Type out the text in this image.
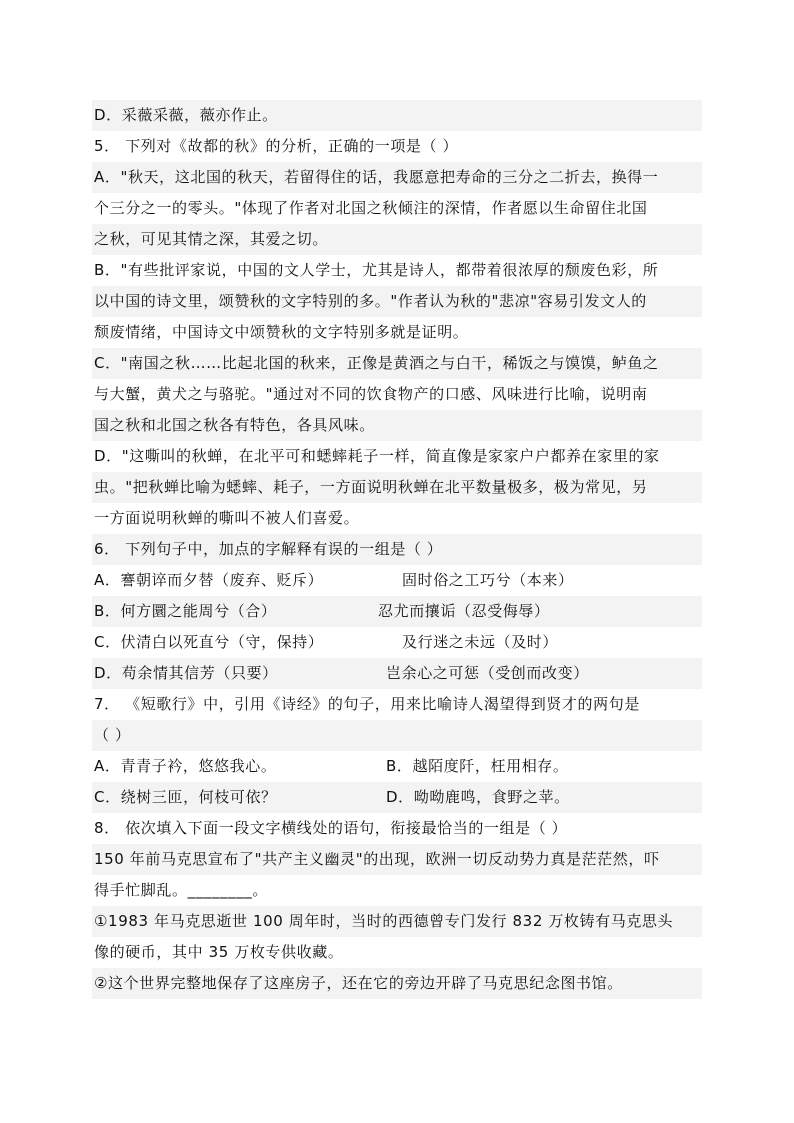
D．采薇采薇，薇亦作止。
5． 下列对《故都的秋》的分析，正确的一项是（ ）
A．"秋天，这北国的秋天，若留得住的话，我愿意把寿命的三分之二折去，换得一
个三分之一的零头。"体现了作者对北国之秋倾注的深情，作者愿以生命留住北国
之秋，可见其情之深，其爱之切。
B．"有些批评家说，中国的文人学士，尤其是诗人，都带着很浓厚的颓废色彩，所
以中国的诗文里，颂赞秋的文字特别的多。"作者认为秋的"悲凉"容易引发文人的
颓废情绪，中国诗文中颂赞秋的文字特别多就是证明。
C．"南国之秋……比起北国的秋来，正像是黄酒之与白干，稀饭之与馍馍，鲈鱼之
与大蟹，黄犬之与骆驼。"通过对不同的饮食物产的口感、风味进行比喻，说明南
国之秋和北国之秋各有特色，各具风味。
D．"这嘶叫的秋蝉，在北平可和蟋蟀耗子一样，简直像是家家户户都养在家里的家
虫。"把秋蝉比喻为蟋蟀、耗子，一方面说明秋蝉在北平数量极多，极为常见，另
一方面说明秋蝉的嘶叫不被人们喜爱。
6． 下列句子中，加点的字解释有误的一组是（ ）
A．謇朝谇而夕替（废弃、贬斥）	固时俗之工巧兮（本来）
B．何方圜之能周兮（合）	忍尤而攘诟（忍受侮辱）
C．伏清白以死直兮（守，保持）	及行迷之未远（及时）
D．苟余情其信芳（只要）	岂余心之可惩（受创而改变）
7． 《短歌行》中，引用《诗经》的句子，用来比喻诗人渴望得到贤才的两句是
（ ）
A．青青子衿，悠悠我心。	B．越陌度阡，枉用相存。
C．绕树三匝，何枝可依？	D．呦呦鹿鸣，食野之苹。
8． 依次填入下面一段文字横线处的语句，衔接最恰当的一组是（ ）
150 年前马克思宣布了"共产主义幽灵"的出现，欧洲一切反动势力真是茫茫然，吓
得手忙脚乱。________。
①1983 年马克思逝世 100 周年时，当时的西德曾专门发行 832 万枚铸有马克思头
像的硬币，其中 35 万枚专供收藏。
②这个世界完整地保存了这座房子，还在它的旁边开辟了马克思纪念图书馆。
